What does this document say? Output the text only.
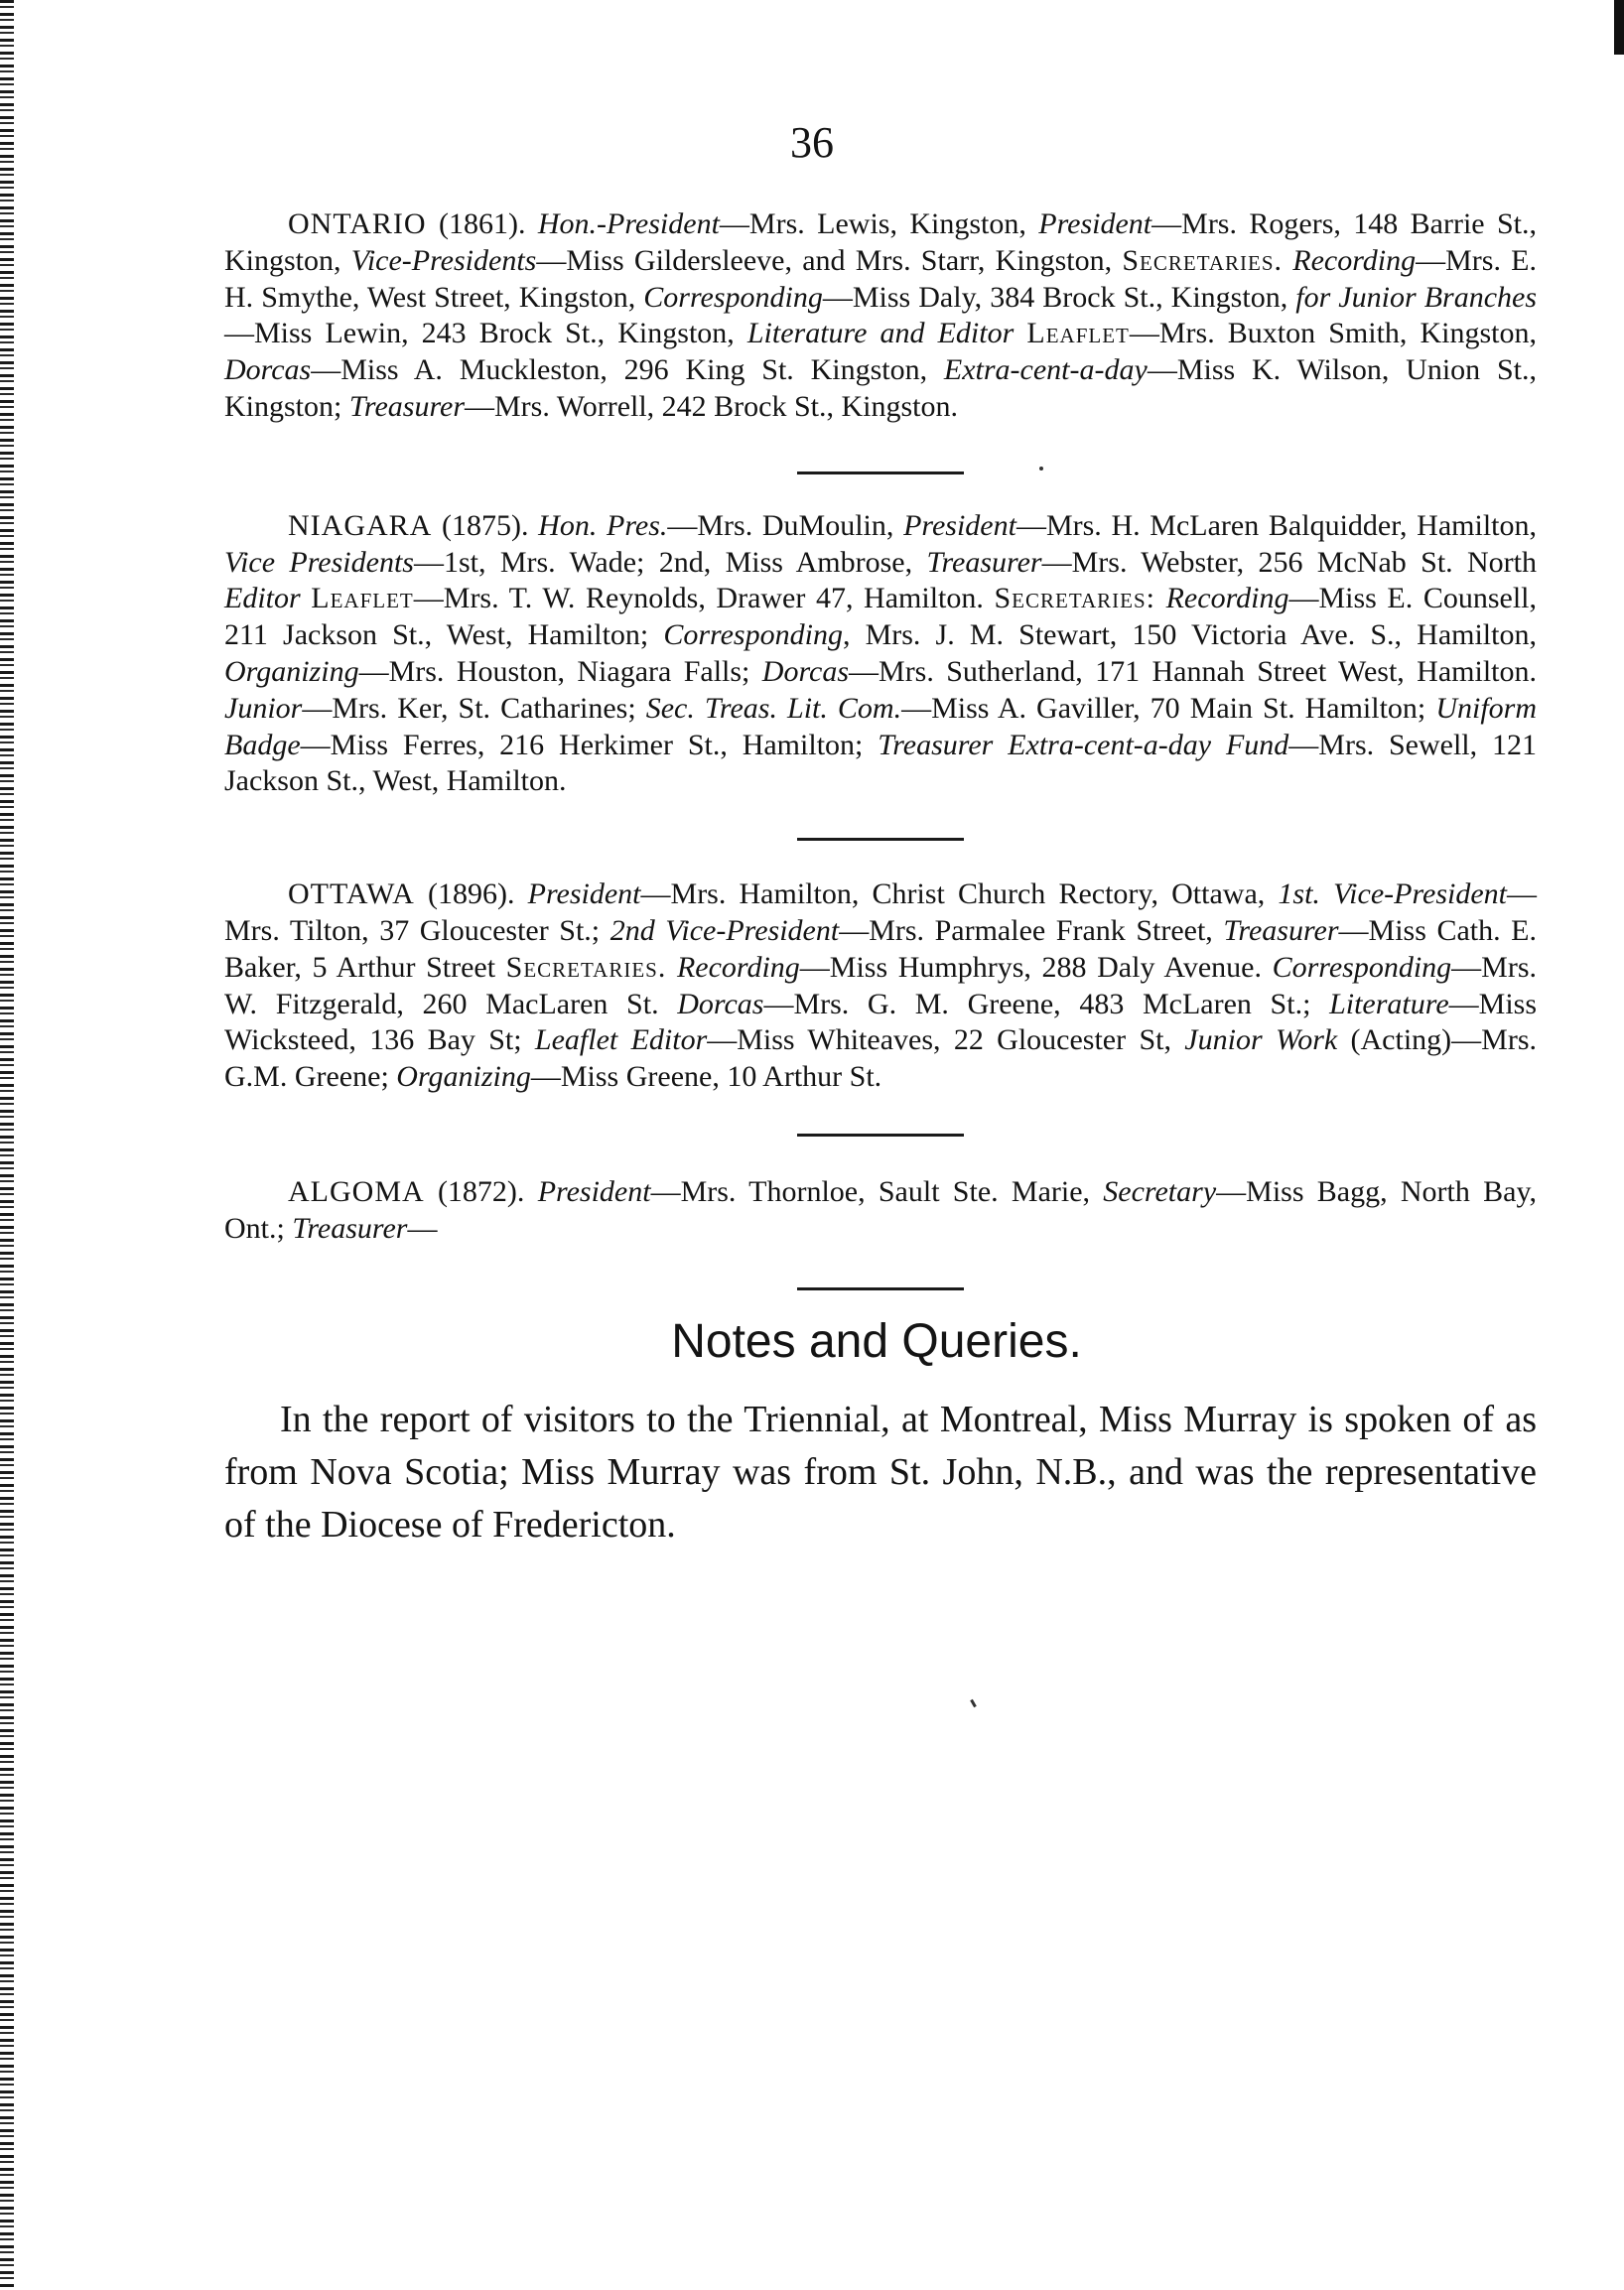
36

ONTARIO (1861). Hon.-President—Mrs. Lewis, Kingston, President—Mrs. Rogers, 148 Barrie St., Kingston, Vice-Presidents—Miss Gildersleeve, and Mrs. Starr, Kingston, Secretaries. Recording—Mrs. E. H. Smythe, West Street, Kingston, Corresponding—Miss Daly, 384 Brock St., Kingston, for Junior Branches—Miss Lewin, 243 Brock St., Kingston, Literature and Editor Leaflet—Mrs. Buxton Smith, Kingston, Dorcas—Miss A. Muckleston, 296 King St. Kingston, Extra-cent-a-day—Miss K. Wilson, Union St., Kingston; Treasurer—Mrs. Worrell, 242 Brock St., Kingston.

NIAGARA (1875). Hon. Pres.—Mrs. DuMoulin, President—Mrs. H. McLaren Balquidder, Hamilton, Vice Presidents—1st, Mrs. Wade; 2nd, Miss Ambrose, Treasurer—Mrs. Webster, 256 McNab St. North Editor Leaflet—Mrs. T. W. Reynolds, Drawer 47, Hamilton. Secretaries: Recording—Miss E. Counsell, 211 Jackson St., West, Hamilton; Corresponding, Mrs. J. M. Stewart, 150 Victoria Ave. S., Hamilton, Organizing—Mrs. Houston, Niagara Falls; Dorcas—Mrs. Sutherland, 171 Hannah Street West, Hamilton. Junior—Mrs. Ker, St. Catharines; Sec. Treas. Lit. Com.—Miss A. Gaviller, 70 Main St. Hamilton; Uniform Badge—Miss Ferres, 216 Herkimer St., Hamilton; Treasurer Extra-cent-a-day Fund—Mrs. Sewell, 121 Jackson St., West, Hamilton.

OTTAWA (1896). President—Mrs. Hamilton, Christ Church Rectory, Ottawa, 1st. Vice-President—Mrs. Tilton, 37 Gloucester St.; 2nd Vice-President—Mrs. Parmalee Frank Street, Treasurer—Miss Cath. E. Baker, 5 Arthur Street Secretaries. Recording—Miss Humphrys, 288 Daly Avenue. Corresponding—Mrs. W. Fitzgerald, 260 MacLaren St. Dorcas—Mrs. G. M. Greene, 483 McLaren St.; Literature—Miss Wicksteed, 136 Bay St; Leaflet Editor—Miss Whiteaves, 22 Gloucester St, Junior Work (Acting)—Mrs. G.M. Greene; Organizing—Miss Greene, 10 Arthur St.

ALGOMA (1872). President—Mrs. Thornloe, Sault Ste. Marie, Secretary—Miss Bagg, North Bay, Ont.; Treasurer—

Notes and Queries.

In the report of visitors to the Triennial, at Montreal, Miss Murray is spoken of as from Nova Scotia; Miss Murray was from St. John, N.B., and was the representative of the Diocese of Fredericton.
